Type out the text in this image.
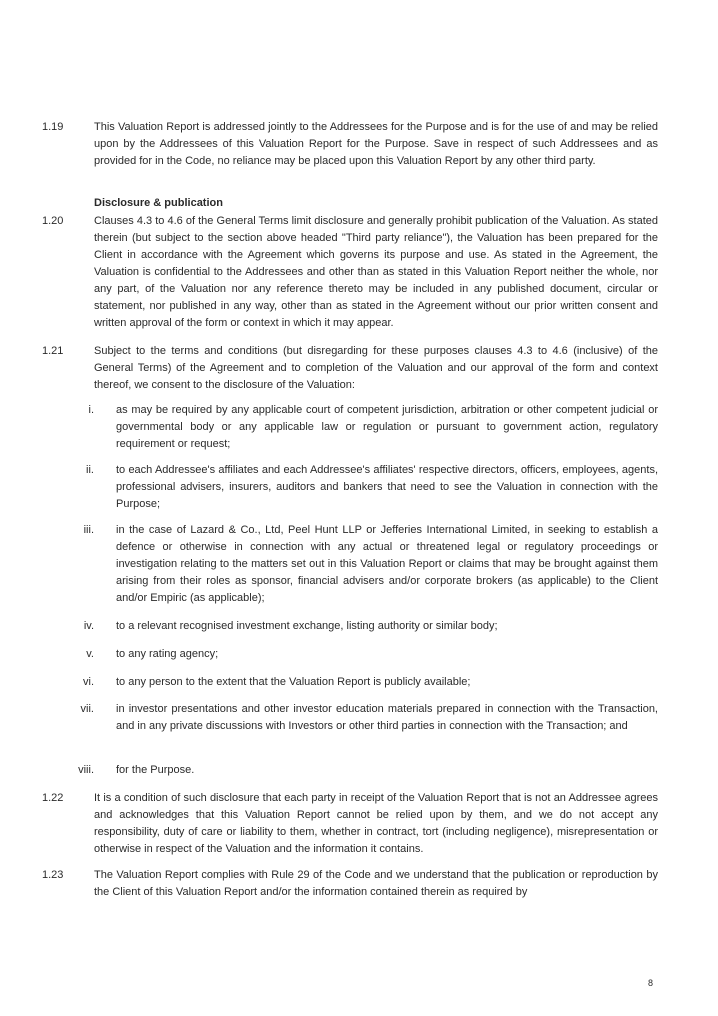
1.19	This Valuation Report is addressed jointly to the Addressees for the Purpose and is for the use of and may be relied upon by the Addressees of this Valuation Report for the Purpose. Save in respect of such Addressees and as provided for in the Code, no reliance may be placed upon this Valuation Report by any other third party.
Disclosure & publication
1.20	Clauses 4.3 to 4.6 of the General Terms limit disclosure and generally prohibit publication of the Valuation. As stated therein (but subject to the section above headed "Third party reliance"), the Valuation has been prepared for the Client in accordance with the Agreement which governs its purpose and use. As stated in the Agreement, the Valuation is confidential to the Addressees and other than as stated in this Valuation Report neither the whole, nor any part, of the Valuation nor any reference thereto may be included in any published document, circular or statement, nor published in any way, other than as stated in the Agreement without our prior written consent and written approval of the form or context in which it may appear.
1.21	Subject to the terms and conditions (but disregarding for these purposes clauses 4.3 to 4.6 (inclusive) of the General Terms) of the Agreement and to completion of the Valuation and our approval of the form and context thereof, we consent to the disclosure of the Valuation:
i. as may be required by any applicable court of competent jurisdiction, arbitration or other competent judicial or governmental body or any applicable law or regulation or pursuant to government action, regulatory requirement or request;
ii. to each Addressee's affiliates and each Addressee's affiliates' respective directors, officers, employees, agents, professional advisers, insurers, auditors and bankers that need to see the Valuation in connection with the Purpose;
iii. in the case of Lazard & Co., Ltd, Peel Hunt LLP or Jefferies International Limited, in seeking to establish a defence or otherwise in connection with any actual or threatened legal or regulatory proceedings or investigation relating to the matters set out in this Valuation Report or claims that may be brought against them arising from their roles as sponsor, financial advisers and/or corporate brokers (as applicable) to the Client and/or Empiric (as applicable);
iv. to a relevant recognised investment exchange, listing authority or similar body;
v. to any rating agency;
vi. to any person to the extent that the Valuation Report is publicly available;
vii. in investor presentations and other investor education materials prepared in connection with the Transaction, and in any private discussions with Investors or other third parties in connection with the Transaction; and
viii. for the Purpose.
1.22	It is a condition of such disclosure that each party in receipt of the Valuation Report that is not an Addressee agrees and acknowledges that this Valuation Report cannot be relied upon by them, and we do not accept any responsibility, duty of care or liability to them, whether in contract, tort (including negligence), misrepresentation or otherwise in respect of the Valuation and the information it contains.
1.23	The Valuation Report complies with Rule 29 of the Code and we understand that the publication or reproduction by the Client of this Valuation Report and/or the information contained therein as required by
8
